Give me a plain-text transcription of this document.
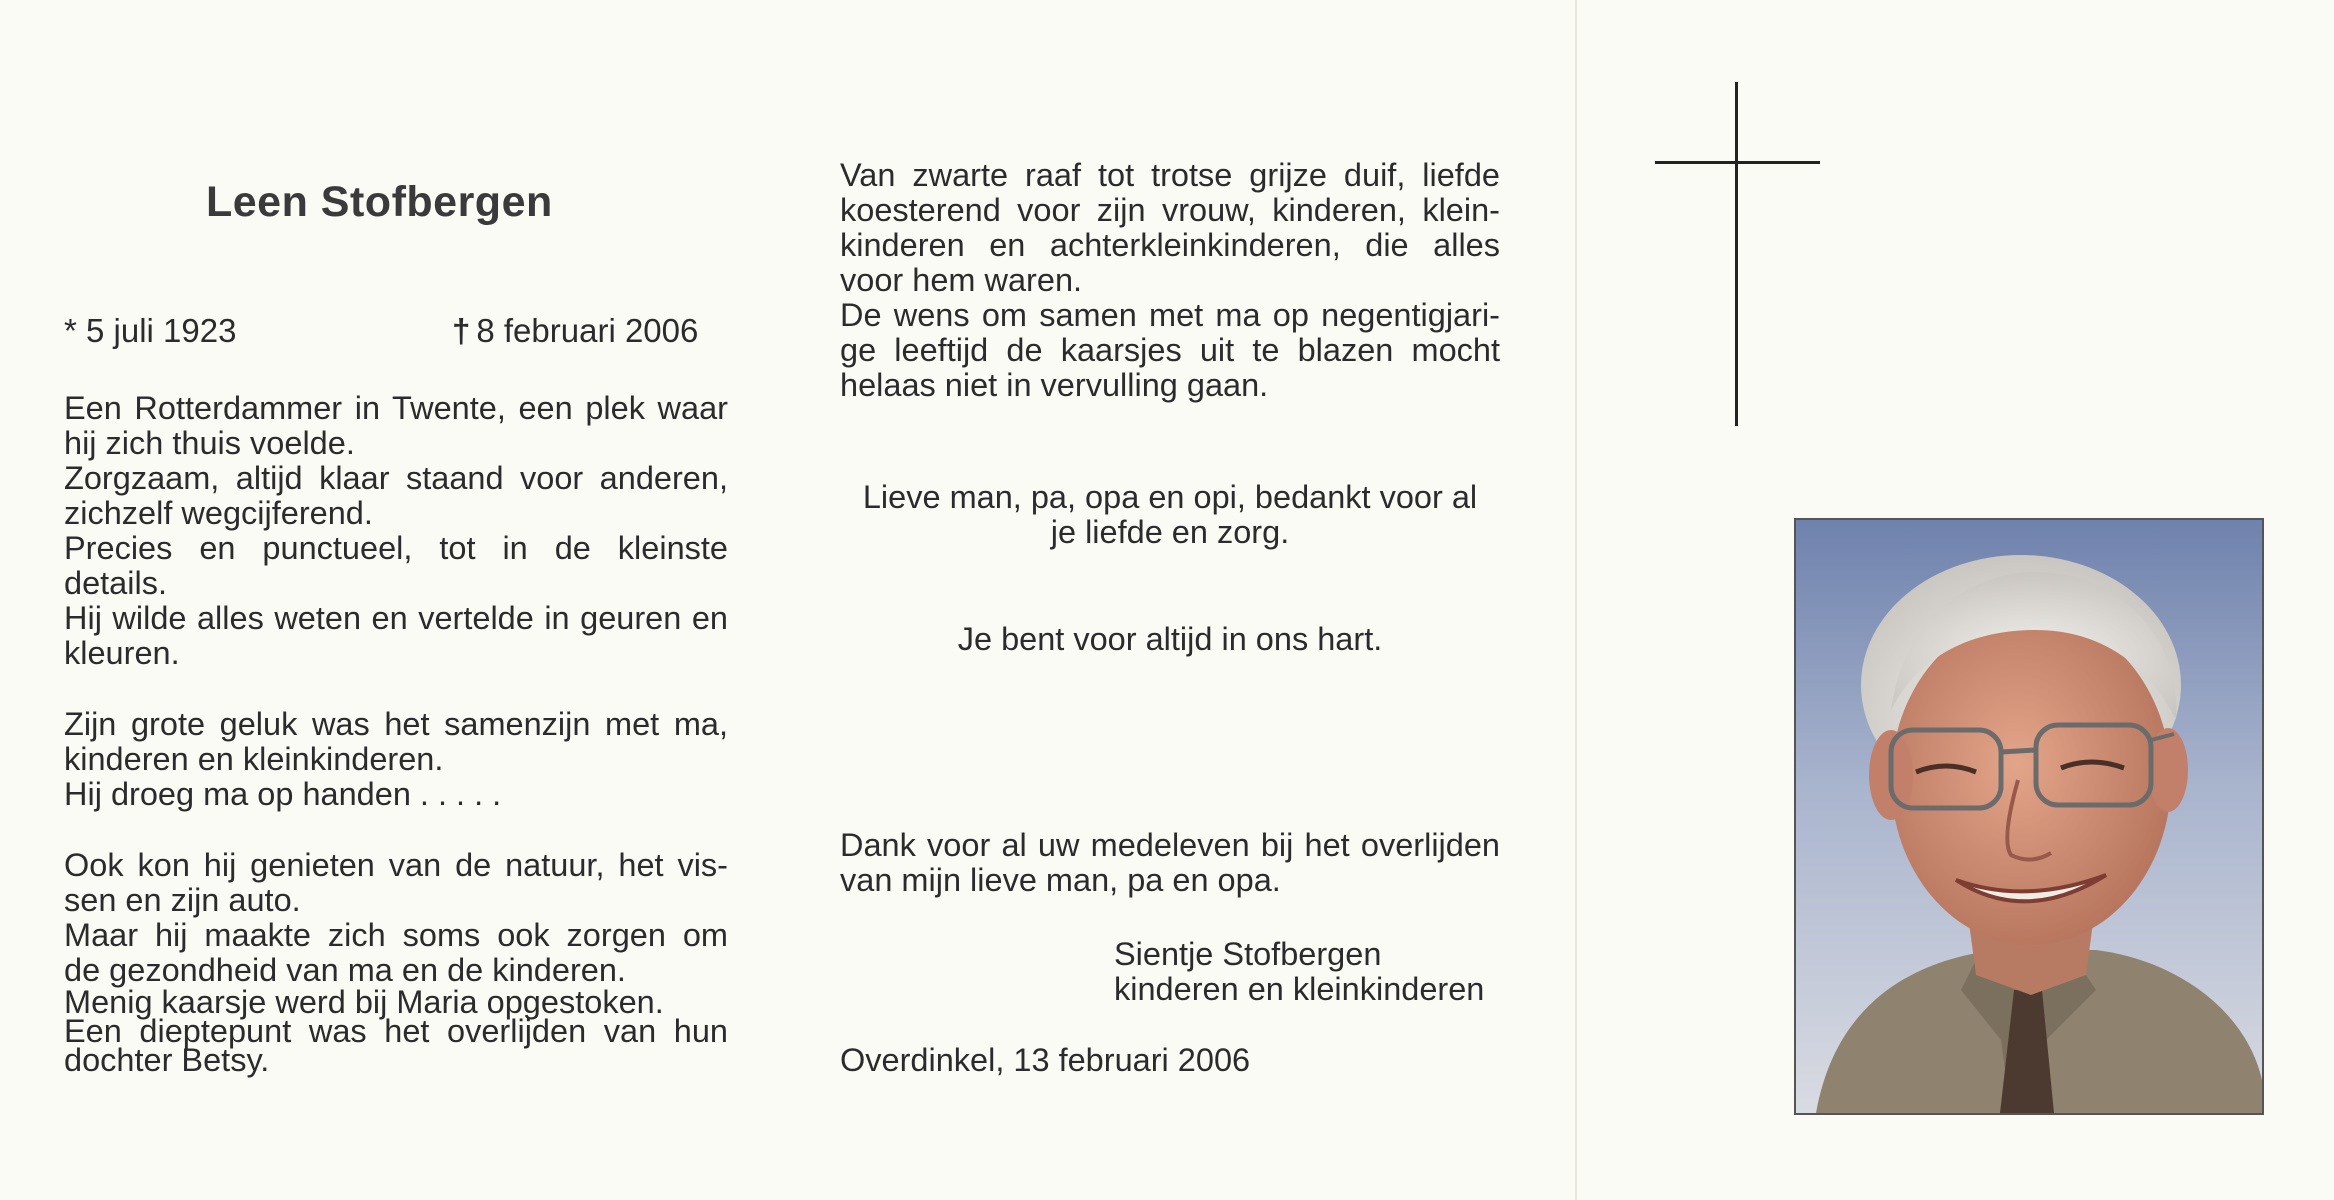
Leen Stofbergen
* 5 juli 1923	† 8 februari 2006

Een Rotterdammer in Twente, een plek waar
hij zich thuis voelde.
Zorgzaam, altijd klaar staand voor anderen,
zichzelf wegcijferend.
Precies en punctueel, tot in de kleinste
details.
Hij wilde alles weten en vertelde in geuren en
kleuren.

Zijn grote geluk was het samenzijn met ma,
kinderen en kleinkinderen.
Hij droeg ma op handen . . . . .

Ook kon hij genieten van de natuur, het vis-
sen en zijn auto.
Maar hij maakte zich soms ook zorgen om
de gezondheid van ma en de kinderen.
Menig kaarsje werd bij Maria opgestoken.
Een dieptepunt was het overlijden van hun
dochter Betsy.

Van zwarte raaf tot trotse grijze duif, liefde
koesterend voor zijn vrouw, kinderen, klein-
kinderen en achterkleinkinderen, die alles
voor hem waren.
De wens om samen met ma op negentigjari-
ge leeftijd de kaarsjes uit te blazen mocht
helaas niet in vervulling gaan.

Lieve man, pa, opa en opi, bedankt voor al
je liefde en zorg.
Je bent voor altijd in ons hart.
Dank voor al uw medeleven bij het overlijden
van mijn lieve man, pa en opa.
Sientje Stofbergen
kinderen en kleinkinderen
Overdinkel, 13 februari 2006
